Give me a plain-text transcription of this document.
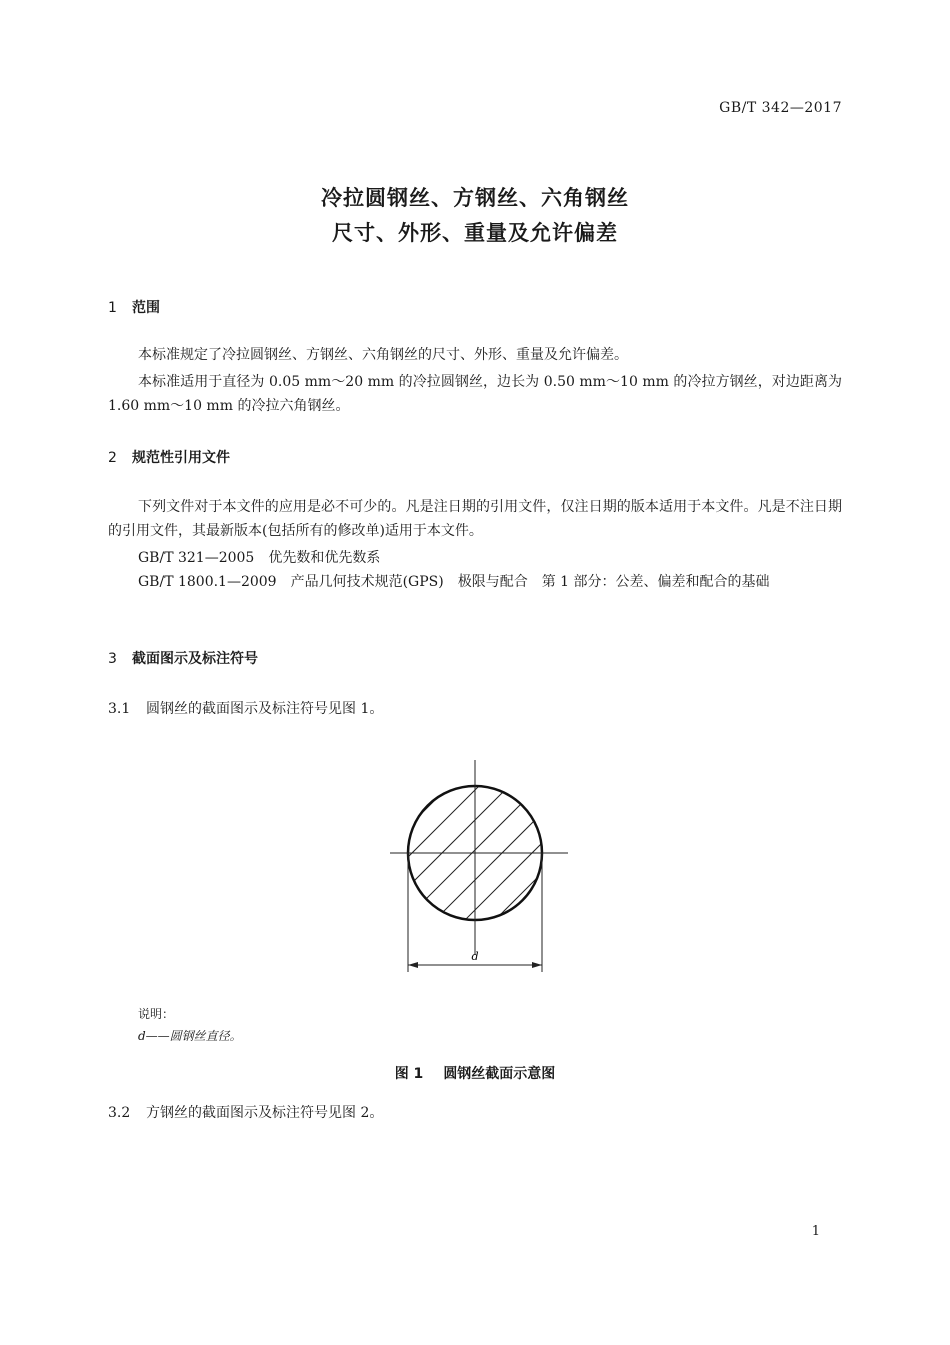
GB/T 342—2017
冷拉圆钢丝、方钢丝、六角钢丝
尺寸、外形、重量及允许偏差
1 范围
本标准规定了冷拉圆钢丝、方钢丝、六角钢丝的尺寸、外形、重量及允许偏差。
本标准适用于直径为 0.05 mm～20 mm 的冷拉圆钢丝，边长为 0.50 mm～10 mm 的冷拉方钢丝，对边距离为 1.60 mm～10 mm 的冷拉六角钢丝。
2 规范性引用文件
下列文件对于本文件的应用是必不可少的。凡是注日期的引用文件，仅注日期的版本适用于本文件。凡是不注日期的引用文件，其最新版本(包括所有的修改单)适用于本文件。
GB/T 321—2005　优先数和优先数系
GB/T 1800.1—2009　产品几何技术规范(GPS)　极限与配合　第 1 部分：公差、偏差和配合的基础
3 截面图示及标注符号
3.1 圆钢丝的截面图示及标注符号见图 1。
d
说明：
d——圆钢丝直径。
图 1 圆钢丝截面示意图
3.2 方钢丝的截面图示及标注符号见图 2。
1
